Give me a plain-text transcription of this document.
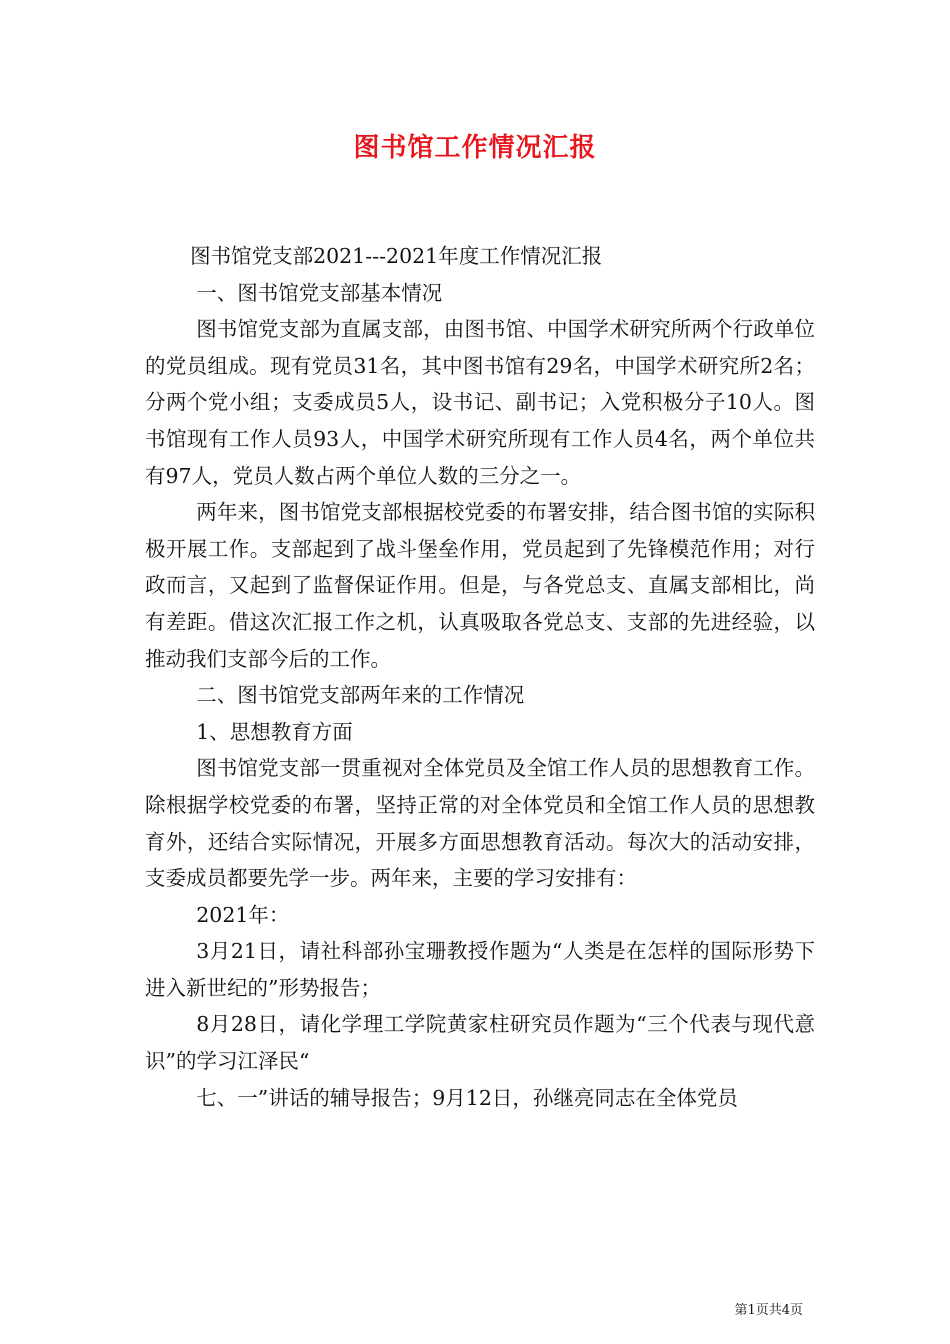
图书馆工作情况汇报

图书馆党支部2021---2021年度工作情况汇报

一、图书馆党支部基本情况

图书馆党支部为直属支部，由图书馆、中国学术研究所两个行政单位的党员组成。现有党员31名，其中图书馆有29名，中国学术研究所2名；分两个党小组；支委成员5人，设书记、副书记；入党积极分子10人。图书馆现有工作人员93人，中国学术研究所现有工作人员4名，两个单位共有97人，党员人数占两个单位人数的三分之一。

两年来，图书馆党支部根据校党委的布署安排，结合图书馆的实际积极开展工作。支部起到了战斗堡垒作用，党员起到了先锋模范作用；对行政而言，又起到了监督保证作用。但是，与各党总支、直属支部相比，尚有差距。借这次汇报工作之机，认真吸取各党总支、支部的先进经验，以推动我们支部今后的工作。

二、图书馆党支部两年来的工作情况

1、思想教育方面

图书馆党支部一贯重视对全体党员及全馆工作人员的思想教育工作。除根据学校党委的布署，坚持正常的对全体党员和全馆工作人员的思想教育外，还结合实际情况，开展多方面思想教育活动。每次大的活动安排，支委成员都要先学一步。两年来，主要的学习安排有：

2021年：

3月21日，请社科部孙宝珊教授作题为“人类是在怎样的国际形势下进入新世纪的”形势报告；

8月28日，请化学理工学院黄家柱研究员作题为“三个代表与现代意识”的学习江泽民“

七、一”讲话的辅导报告；9月12日，孙继亮同志在全体党员

第1页共4页
